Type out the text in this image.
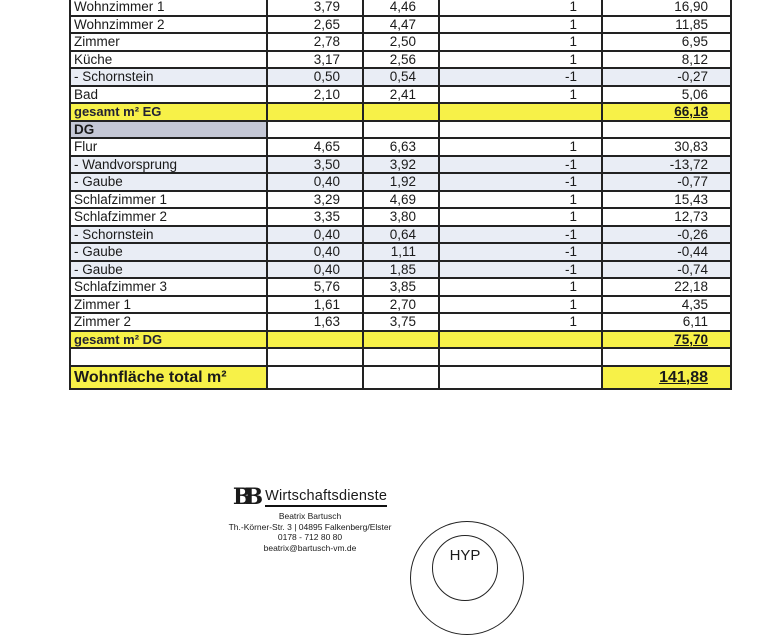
Wohnzimmer 1	3,79	4,46	1	16,90
Wohnzimmer 2	2,65	4,47	1	11,85
Zimmer	2,78	2,50	1	6,95
Küche	3,17	2,56	1	8,12
- Schornstein	0,50	0,54	-1	-0,27
Bad	2,10	2,41	1	5,06
gesamt m² EG				66,18
DG				
Flur	4,65	6,63	1	30,83
- Wandvorsprung	3,50	3,92	-1	-13,72
- Gaube	0,40	1,92	-1	-0,77
Schlafzimmer 1	3,29	4,69	1	15,43
Schlafzimmer 2	3,35	3,80	1	12,73
- Schornstein	0,40	0,64	-1	-0,26
- Gaube	0,40	1,11	-1	-0,44
- Gaube	0,40	1,85	-1	-0,74
Schlafzimmer 3	5,76	3,85	1	22,18
Zimmer 1	1,61	2,70	1	4,35
Zimmer 2	1,63	3,75	1	6,11
gesamt m² DG				75,70

Wohnfläche total m²				141,88
BB Wirtschaftsdienste
Beatrix Bartusch
Th.-Körner-Str. 3 | 04895 Falkenberg/Elster
0178 - 712 80 80
beatrix@bartusch-vm.de	HYP
